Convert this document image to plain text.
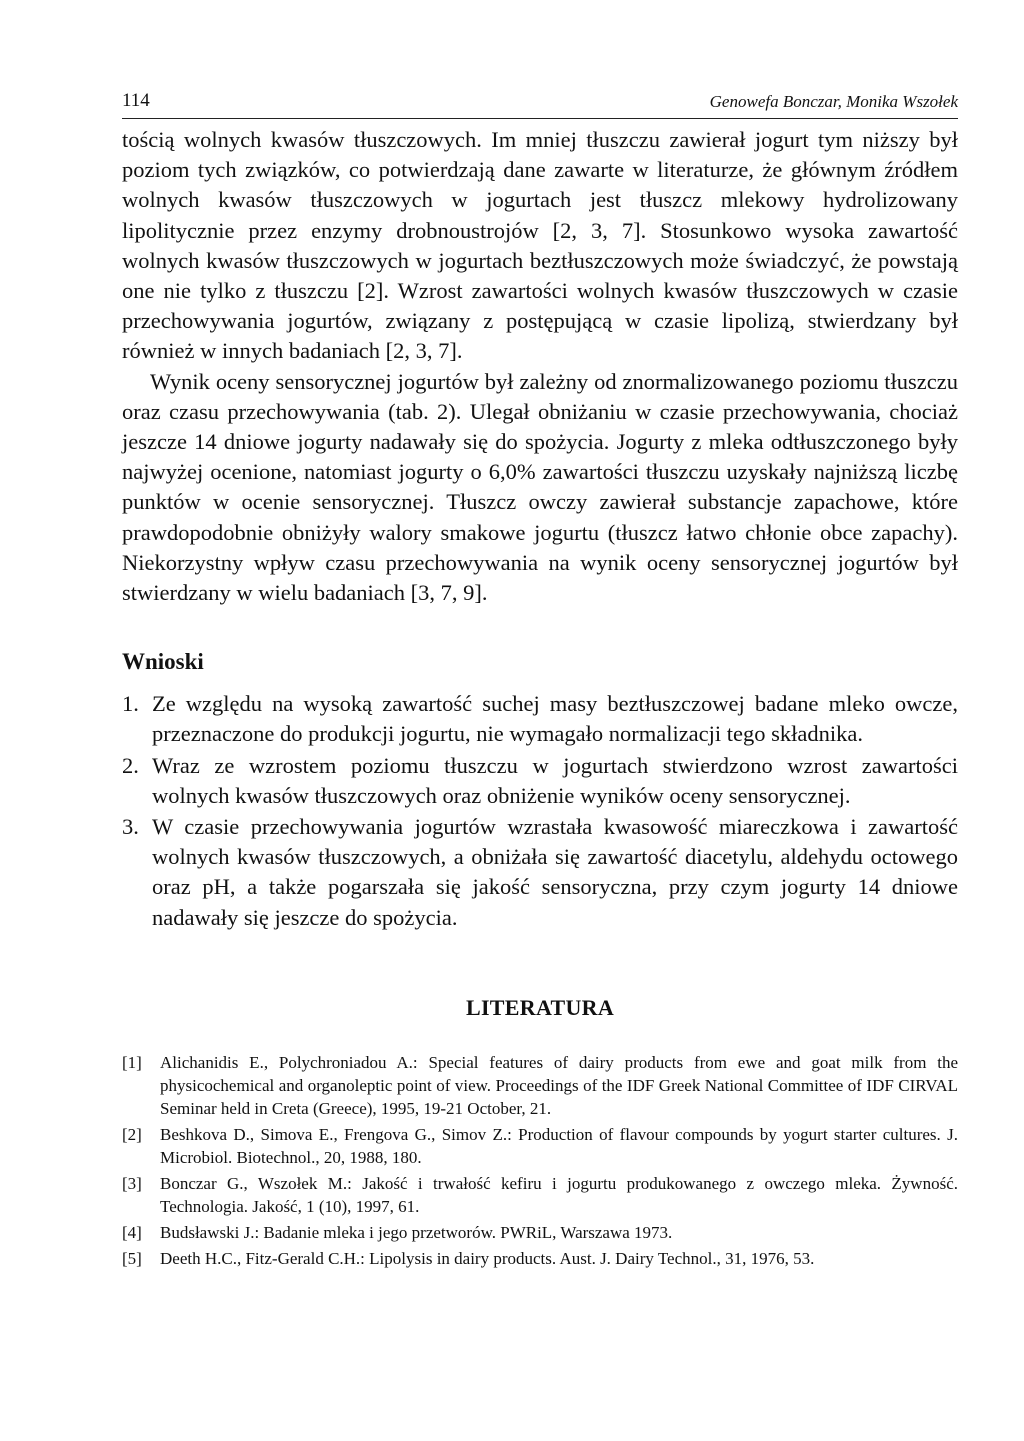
114	Genowefa Bonczar, Monika Wszołek

tością wolnych kwasów tłuszczowych. Im mniej tłuszczu zawierał jogurt tym niższy był poziom tych związków, co potwierdzają dane zawarte w literaturze, że głównym źródłem wolnych kwasów tłuszczowych w jogurtach jest tłuszcz mlekowy hydrolizowany lipolitycznie przez enzymy drobnoustrojów [2, 3, 7]. Stosunkowo wysoka zawartość wolnych kwasów tłuszczowych w jogurtach beztłuszczowych może świadczyć, że powstają one nie tylko z tłuszczu [2]. Wzrost zawartości wolnych kwasów tłuszczowych w czasie przechowywania jogurtów, związany z postępującą w czasie lipolizą, stwierdzany był również w innych badaniach [2, 3, 7].

Wynik oceny sensorycznej jogurtów był zależny od znormalizowanego poziomu tłuszczu oraz czasu przechowywania (tab. 2). Ulegał obniżaniu w czasie przechowywania, chociaż jeszcze 14 dniowe jogurty nadawały się do spożycia. Jogurty z mleka odtłuszczonego były najwyżej ocenione, natomiast jogurty o 6,0% zawartości tłuszczu uzyskały najniższą liczbę punktów w ocenie sensorycznej. Tłuszcz owczy zawierał substancje zapachowe, które prawdopodobnie obniżyły walory smakowe jogurtu (tłuszcz łatwo chłonie obce zapachy). Niekorzystny wpływ czasu przechowywania na wynik oceny sensorycznej jogurtów był stwierdzany w wielu badaniach [3, 7, 9].

Wnioski
1. Ze względu na wysoką zawartość suchej masy beztłuszczowej badane mleko owcze, przeznaczone do produkcji jogurtu, nie wymagało normalizacji tego składnika.
2. Wraz ze wzrostem poziomu tłuszczu w jogurtach stwierdzono wzrost zawartości wolnych kwasów tłuszczowych oraz obniżenie wyników oceny sensorycznej.
3. W czasie przechowywania jogurtów wzrastała kwasowość miareczkowa i zawartość wolnych kwasów tłuszczowych, a obniżała się zawartość diacetylu, aldehydu octowego oraz pH, a także pogarszała się jakość sensoryczna, przy czym jogurty 14 dniowe nadawały się jeszcze do spożycia.
LITERATURA
[1]	Alichanidis E., Polychroniadou A.: Special features of dairy products from ewe and goat milk from the physicochemical and organoleptic point of view. Proceedings of the IDF Greek National Committee of IDF CIRVAL Seminar held in Creta (Greece), 1995, 19-21 October, 21.
[2]	Beshkova D., Simova E., Frengova G., Simov Z.: Production of flavour compounds by yogurt starter cultures. J. Microbiol. Biotechnol., 20, 1988, 180.
[3]	Bonczar G., Wszołek M.: Jakość i trwałość kefiru i jogurtu produkowanego z owczego mleka. Żywność. Technologia. Jakość, 1 (10), 1997, 61.
[4]	Budsławski J.: Badanie mleka i jego przetworów. PWRiL, Warszawa 1973.
[5]	Deeth H.C., Fitz-Gerald C.H.: Lipolysis in dairy products. Aust. J. Dairy Technol., 31, 1976, 53.
